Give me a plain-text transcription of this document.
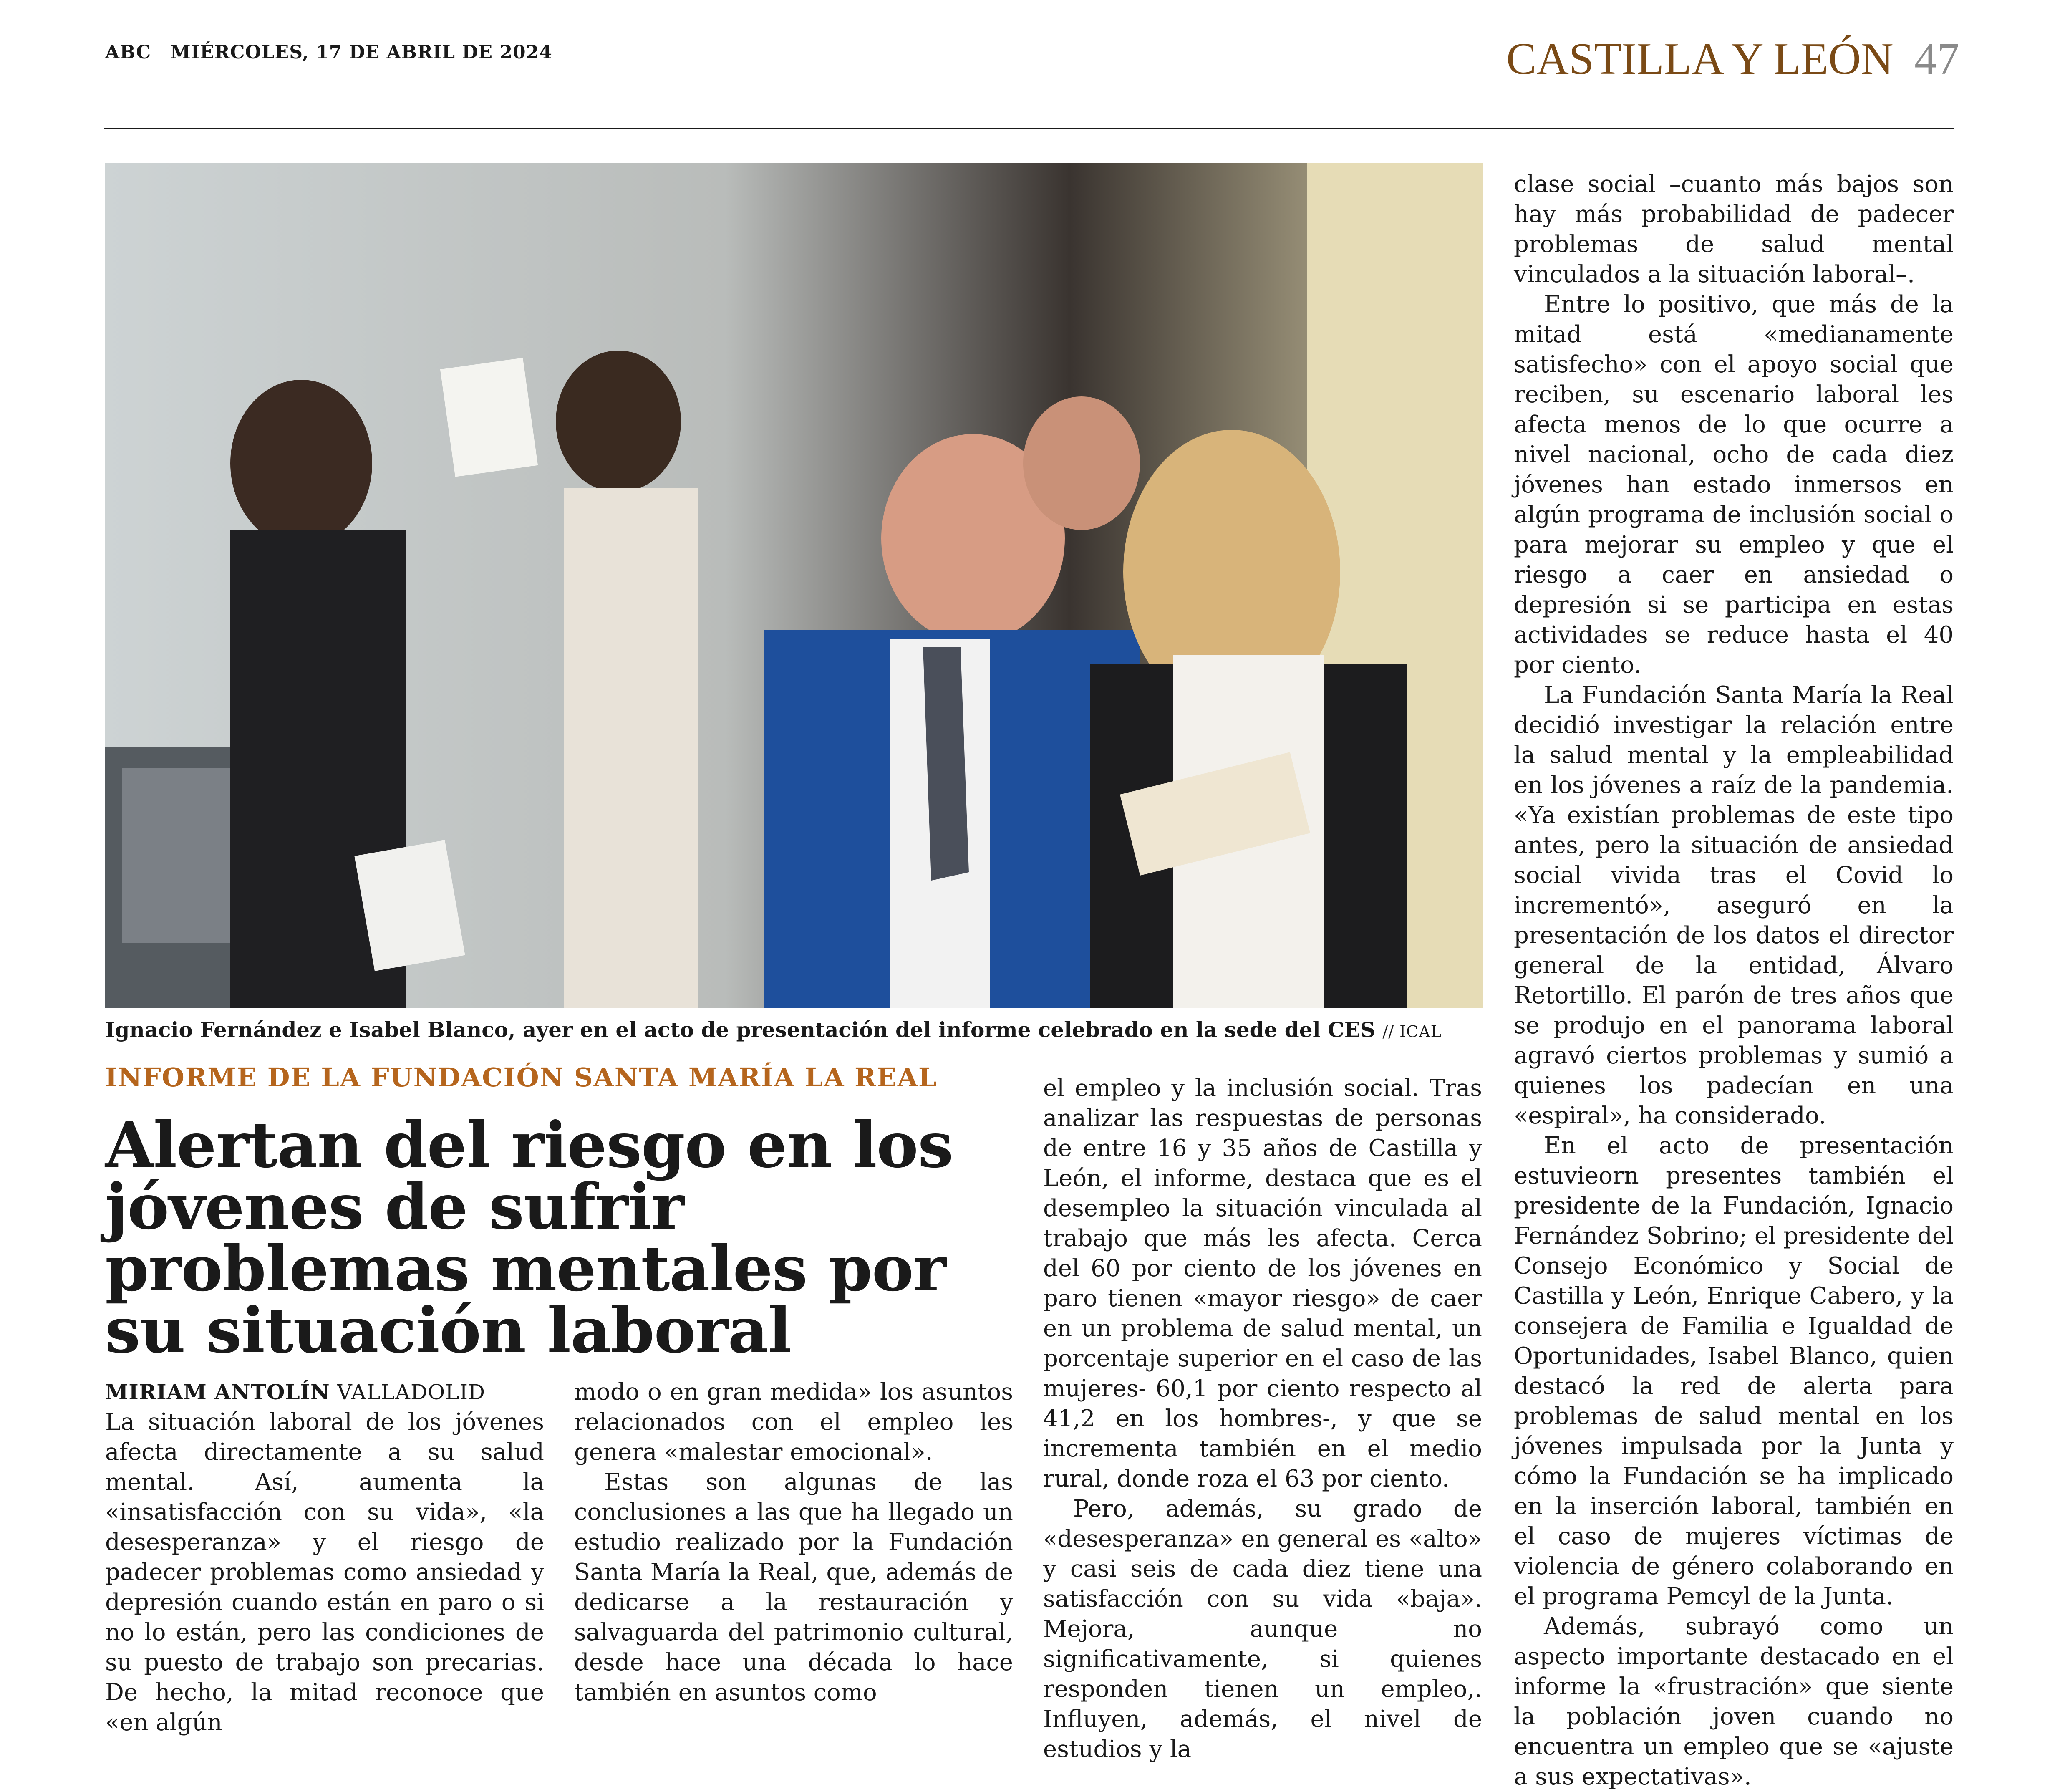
ABC MIÉRCOLES, 17 DE ABRIL DE 2024	CASTILLA Y LEÓN 47
Ignacio Fernández e Isabel Blanco, ayer en el acto de presentación del informe celebrado en la sede del CES // ICAL
INFORME DE LA FUNDACIÓN SANTA MARÍA LA REAL
Alertan del riesgo en los jóvenes de sufrir problemas mentales por su situación laboral
MIRIAM ANTOLÍN VALLADOLID

La situación laboral de los jóvenes afecta directamente a su salud mental. Así, aumenta la «insatisfacción con su vida», «la desesperanza» y el riesgo de padecer problemas como ansiedad y depresión cuando están en paro o si no lo están, pero las condiciones de su puesto de trabajo son precarias. De hecho, la mitad reconoce que «en algún

modo o en gran medida» los asuntos relacionados con el empleo les genera «malestar emocional».

Estas son algunas de las conclusiones a las que ha llegado un estudio realizado por la Fundación Santa María la Real, que, además de dedicarse a la restauración y salvaguarda del patrimonio cultural, desde hace una década lo hace también en asuntos como

el empleo y la inclusión social. Tras analizar las respuestas de personas de entre 16 y 35 años de Castilla y León, el informe, destaca que es el desempleo la situación vinculada al trabajo que más les afecta. Cerca del 60 por ciento de los jóvenes en paro tienen «mayor riesgo» de caer en un problema de salud mental, un porcentaje superior en el caso de las mujeres- 60,1 por ciento respecto al 41,2 en los hombres-, y que se incrementa también en el medio rural, donde roza el 63 por ciento.

Pero, además, su grado de «desesperanza» en general es «alto» y casi seis de cada diez tiene una satisfacción con su vida «baja». Mejora, aunque no significativamente, si quienes responden tienen un empleo,. Influyen, además, el nivel de estudios y la

clase social –cuanto más bajos son hay más probabilidad de padecer problemas de salud mental vinculados a la situación laboral–.

Entre lo positivo, que más de la mitad está «medianamente satisfecho» con el apoyo social que reciben, su escenario laboral les afecta menos de lo que ocurre a nivel nacional, ocho de cada diez jóvenes han estado inmersos en algún programa de inclusión social o para mejorar su empleo y que el riesgo a caer en ansiedad o depresión si se participa en estas actividades se reduce hasta el 40 por ciento.

La Fundación Santa María la Real decidió investigar la relación entre la salud mental y la empleabilidad en los jóvenes a raíz de la pandemia. «Ya existían problemas de este tipo antes, pero la situación de ansiedad social vivida tras el Covid lo incrementó», aseguró en la presentación de los datos el director general de la entidad, Álvaro Retortillo. El parón de tres años que se produjo en el panorama laboral agravó ciertos problemas y sumió a quienes los padecían en una «espiral», ha considerado.

En el acto de presentación estuvieorn presentes también el presidente de la Fundación, Ignacio Fernández Sobrino; el presidente del Consejo Económico y Social de Castilla y León, Enrique Cabero, y la consejera de Familia e Igualdad de Oportunidades, Isabel Blanco, quien destacó la red de alerta para problemas de salud mental en los jóvenes impulsada por la Junta y cómo la Fundación se ha implicado en la inserción laboral, también en el caso de mujeres víctimas de violencia de género colaborando en el programa Pemcyl de la Junta.

Además, subrayó como un aspecto importante destacado en el informe la «frustración» que siente la población joven cuando no encuentra un empleo que se «ajuste a sus expectativas».
